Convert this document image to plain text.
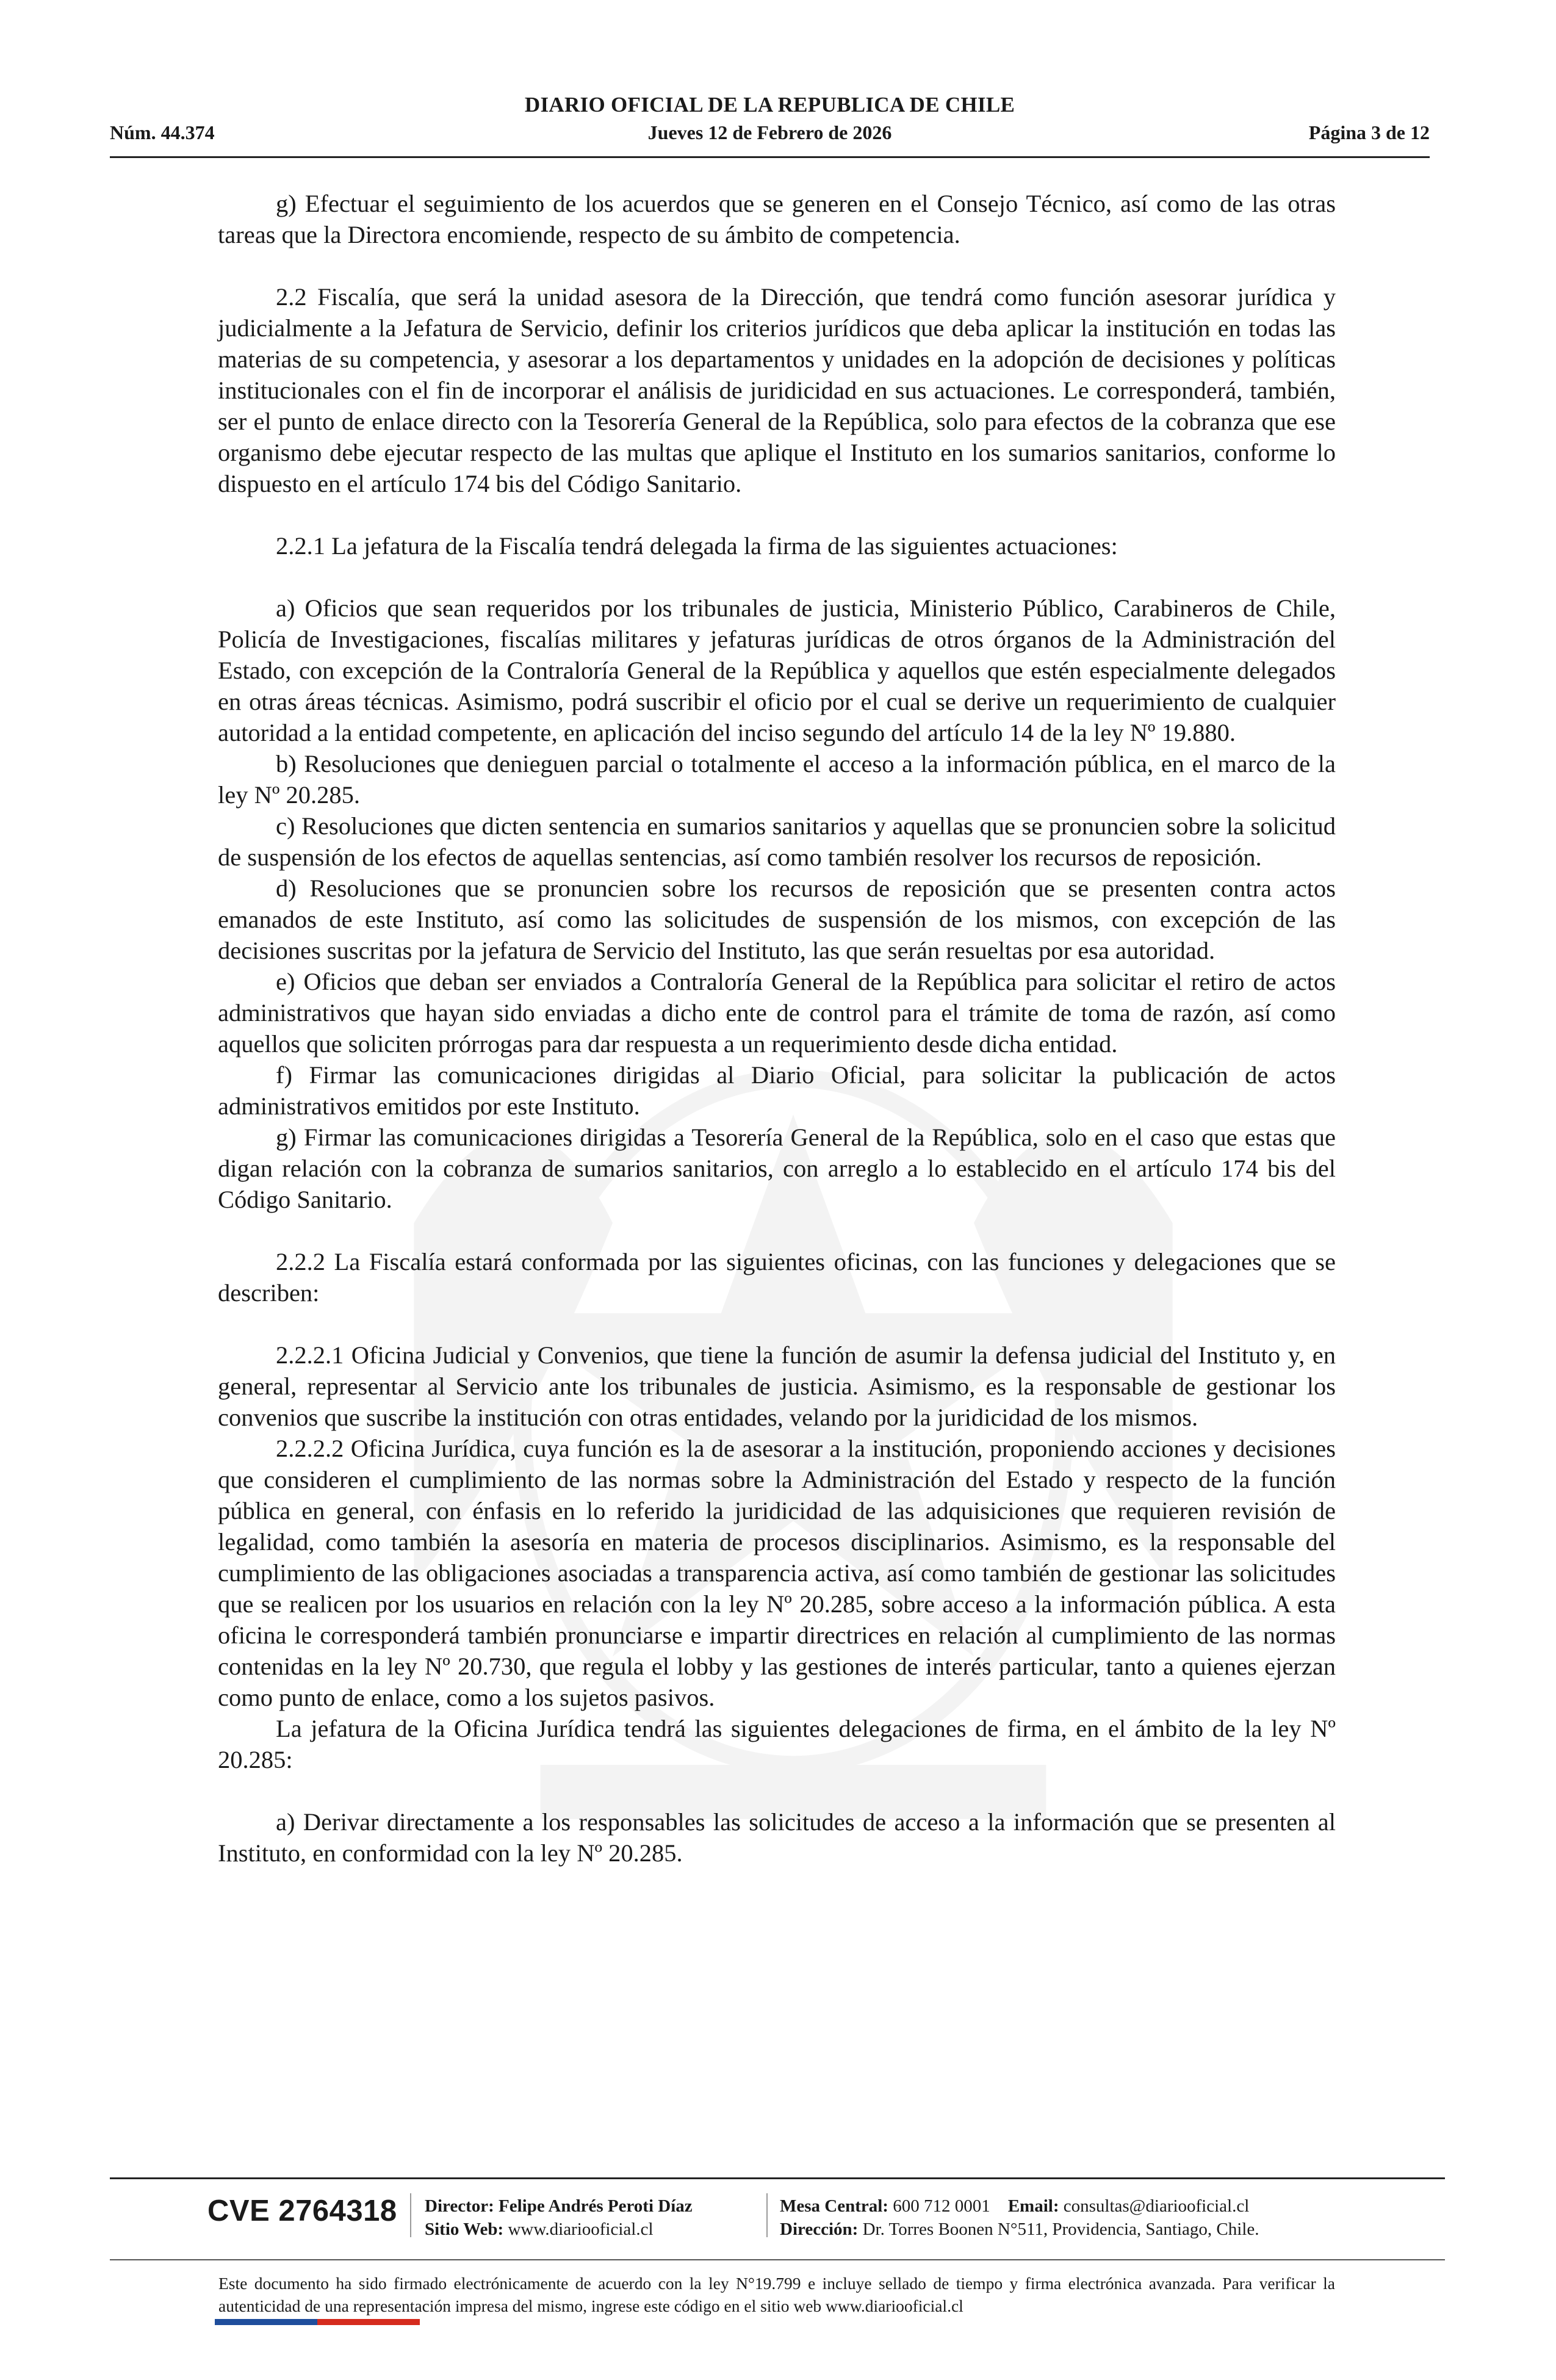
DIARIO OFICIAL DE LA REPUBLICA DE CHILE
Núm. 44.374	Jueves 12 de Febrero de 2026	Página 3 de 12

g) Efectuar el seguimiento de los acuerdos que se generen en el Consejo Técnico, así como de las otras tareas que la Directora encomiende, respecto de su ámbito de competencia.

2.2 Fiscalía, que será la unidad asesora de la Dirección, que tendrá como función asesorar jurídica y judicialmente a la Jefatura de Servicio, definir los criterios jurídicos que deba aplicar la institución en todas las materias de su competencia, y asesorar a los departamentos y unidades en la adopción de decisiones y políticas institucionales con el fin de incorporar el análisis de juridicidad en sus actuaciones. Le corresponderá, también, ser el punto de enlace directo con la Tesorería General de la República, solo para efectos de la cobranza que ese organismo debe ejecutar respecto de las multas que aplique el Instituto en los sumarios sanitarios, conforme lo dispuesto en el artículo 174 bis del Código Sanitario.

2.2.1 La jefatura de la Fiscalía tendrá delegada la firma de las siguientes actuaciones:

a) Oficios que sean requeridos por los tribunales de justicia, Ministerio Público, Carabineros de Chile, Policía de Investigaciones, fiscalías militares y jefaturas jurídicas de otros órganos de la Administración del Estado, con excepción de la Contraloría General de la República y aquellos que estén especialmente delegados en otras áreas técnicas. Asimismo, podrá suscribir el oficio por el cual se derive un requerimiento de cualquier autoridad a la entidad competente, en aplicación del inciso segundo del artículo 14 de la ley Nº 19.880.

b) Resoluciones que denieguen parcial o totalmente el acceso a la información pública, en el marco de la ley Nº 20.285.

c) Resoluciones que dicten sentencia en sumarios sanitarios y aquellas que se pronuncien sobre la solicitud de suspensión de los efectos de aquellas sentencias, así como también resolver los recursos de reposición.

d) Resoluciones que se pronuncien sobre los recursos de reposición que se presenten contra actos emanados de este Instituto, así como las solicitudes de suspensión de los mismos, con excepción de las decisiones suscritas por la jefatura de Servicio del Instituto, las que serán resueltas por esa autoridad.

e) Oficios que deban ser enviados a Contraloría General de la República para solicitar el retiro de actos administrativos que hayan sido enviadas a dicho ente de control para el trámite de toma de razón, así como aquellos que soliciten prórrogas para dar respuesta a un requerimiento desde dicha entidad.

f) Firmar las comunicaciones dirigidas al Diario Oficial, para solicitar la publicación de actos administrativos emitidos por este Instituto.

g) Firmar las comunicaciones dirigidas a Tesorería General de la República, solo en el caso que estas que digan relación con la cobranza de sumarios sanitarios, con arreglo a lo establecido en el artículo 174 bis del Código Sanitario.

2.2.2 La Fiscalía estará conformada por las siguientes oficinas, con las funciones y delegaciones que se describen:

2.2.2.1 Oficina Judicial y Convenios, que tiene la función de asumir la defensa judicial del Instituto y, en general, representar al Servicio ante los tribunales de justicia. Asimismo, es la responsable de gestionar los convenios que suscribe la institución con otras entidades, velando por la juridicidad de los mismos.

2.2.2.2 Oficina Jurídica, cuya función es la de asesorar a la institución, proponiendo acciones y decisiones que consideren el cumplimiento de las normas sobre la Administración del Estado y respecto de la función pública en general, con énfasis en lo referido la juridicidad de las adquisiciones que requieren revisión de legalidad, como también la asesoría en materia de procesos disciplinarios. Asimismo, es la responsable del cumplimiento de las obligaciones asociadas a transparencia activa, así como también de gestionar las solicitudes que se realicen por los usuarios en relación con la ley Nº 20.285, sobre acceso a la información pública. A esta oficina le corresponderá también pronunciarse e impartir directrices en relación al cumplimiento de las normas contenidas en la ley Nº 20.730, que regula el lobby y las gestiones de interés particular, tanto a quienes ejerzan como punto de enlace, como a los sujetos pasivos.

La jefatura de la Oficina Jurídica tendrá las siguientes delegaciones de firma, en el ámbito de la ley Nº 20.285:

a) Derivar directamente a los responsables las solicitudes de acceso a la información que se presenten al Instituto, en conformidad con la ley Nº 20.285.

CVE 2764318	Director: Felipe Andrés Peroti Díaz
Sitio Web: www.diariooficial.cl
Mesa Central: 600 712 0001 Email: consultas@diariooficial.cl
Dirección: Dr. Torres Boonen N°511, Providencia, Santiago, Chile.
Este documento ha sido firmado electrónicamente de acuerdo con la ley N°19.799 e incluye sellado de tiempo y firma electrónica avanzada. Para verificar la autenticidad de una representación impresa del mismo, ingrese este código en el sitio web www.diariooficial.cl
